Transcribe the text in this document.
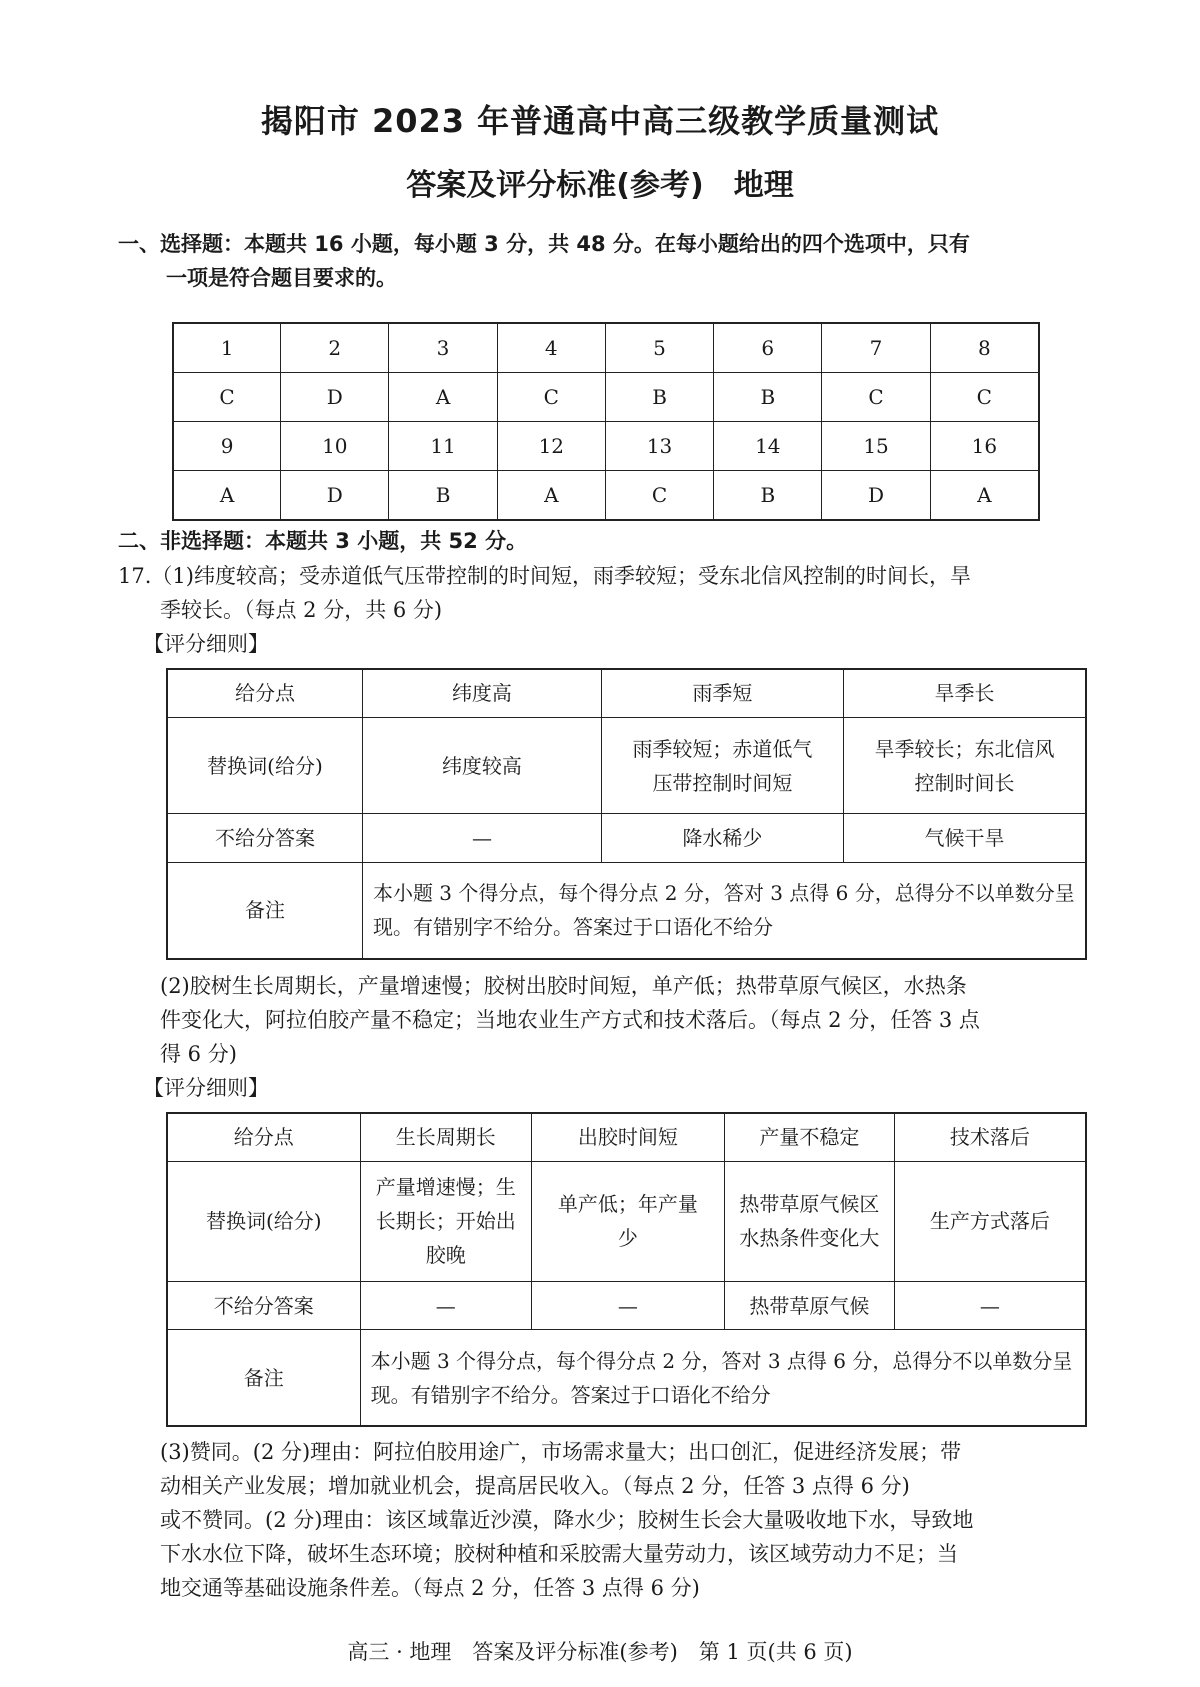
揭阳市 2023 年普通高中高三级教学质量测试
答案及评分标准(参考)　地理
一、选择题：本题共 16 小题，每小题 3 分，共 48 分。在每小题给出的四个选项中，只有
一项是符合题目要求的。
1	2	3	4	5	6	7	8
C	D	A	C	B	B	C	C
9	10	11	12	13	14	15	16
A	D	B	A	C	B	D	A
二、非选择题：本题共 3 小题，共 52 分。
17.（1)纬度较高；受赤道低气压带控制的时间短，雨季较短；受东北信风控制的时间长，旱
季较长。（每点 2 分，共 6 分)
【评分细则】
给分点	纬度高	雨季短	旱季长
替换词(给分)	纬度较高	雨季较短；赤道低气压带控制时间短	旱季较长；东北信风控制时间长
不给分答案	—	降水稀少	气候干旱
备注	本小题 3 个得分点，每个得分点 2 分，答对 3 点得 6 分，总得分不以单数分呈现。有错别字不给分。答案过于口语化不给分		
(2)胶树生长周期长，产量增速慢；胶树出胶时间短，单产低；热带草原气候区，水热条
件变化大，阿拉伯胶产量不稳定；当地农业生产方式和技术落后。（每点 2 分，任答 3 点
得 6 分)
【评分细则】
给分点	生长周期长	出胶时间短	产量不稳定	技术落后
替换词(给分)	产量增速慢；生长期长；开始出胶晚	单产低；年产量少	热带草原气候区水热条件变化大	生产方式落后
不给分答案	—	—	热带草原气候	—
备注	本小题 3 个得分点，每个得分点 2 分，答对 3 点得 6 分，总得分不以单数分呈现。有错别字不给分。答案过于口语化不给分			
(3)赞同。(2 分)理由：阿拉伯胶用途广，市场需求量大；出口创汇，促进经济发展；带
动相关产业发展；增加就业机会，提高居民收入。（每点 2 分，任答 3 点得 6 分)
或不赞同。(2 分)理由：该区域靠近沙漠，降水少；胶树生长会大量吸收地下水，导致地
下水水位下降，破坏生态环境；胶树种植和采胶需大量劳动力，该区域劳动力不足；当
地交通等基础设施条件差。（每点 2 分，任答 3 点得 6 分)
高三 · 地理　答案及评分标准(参考)　第 1 页(共 6 页)
